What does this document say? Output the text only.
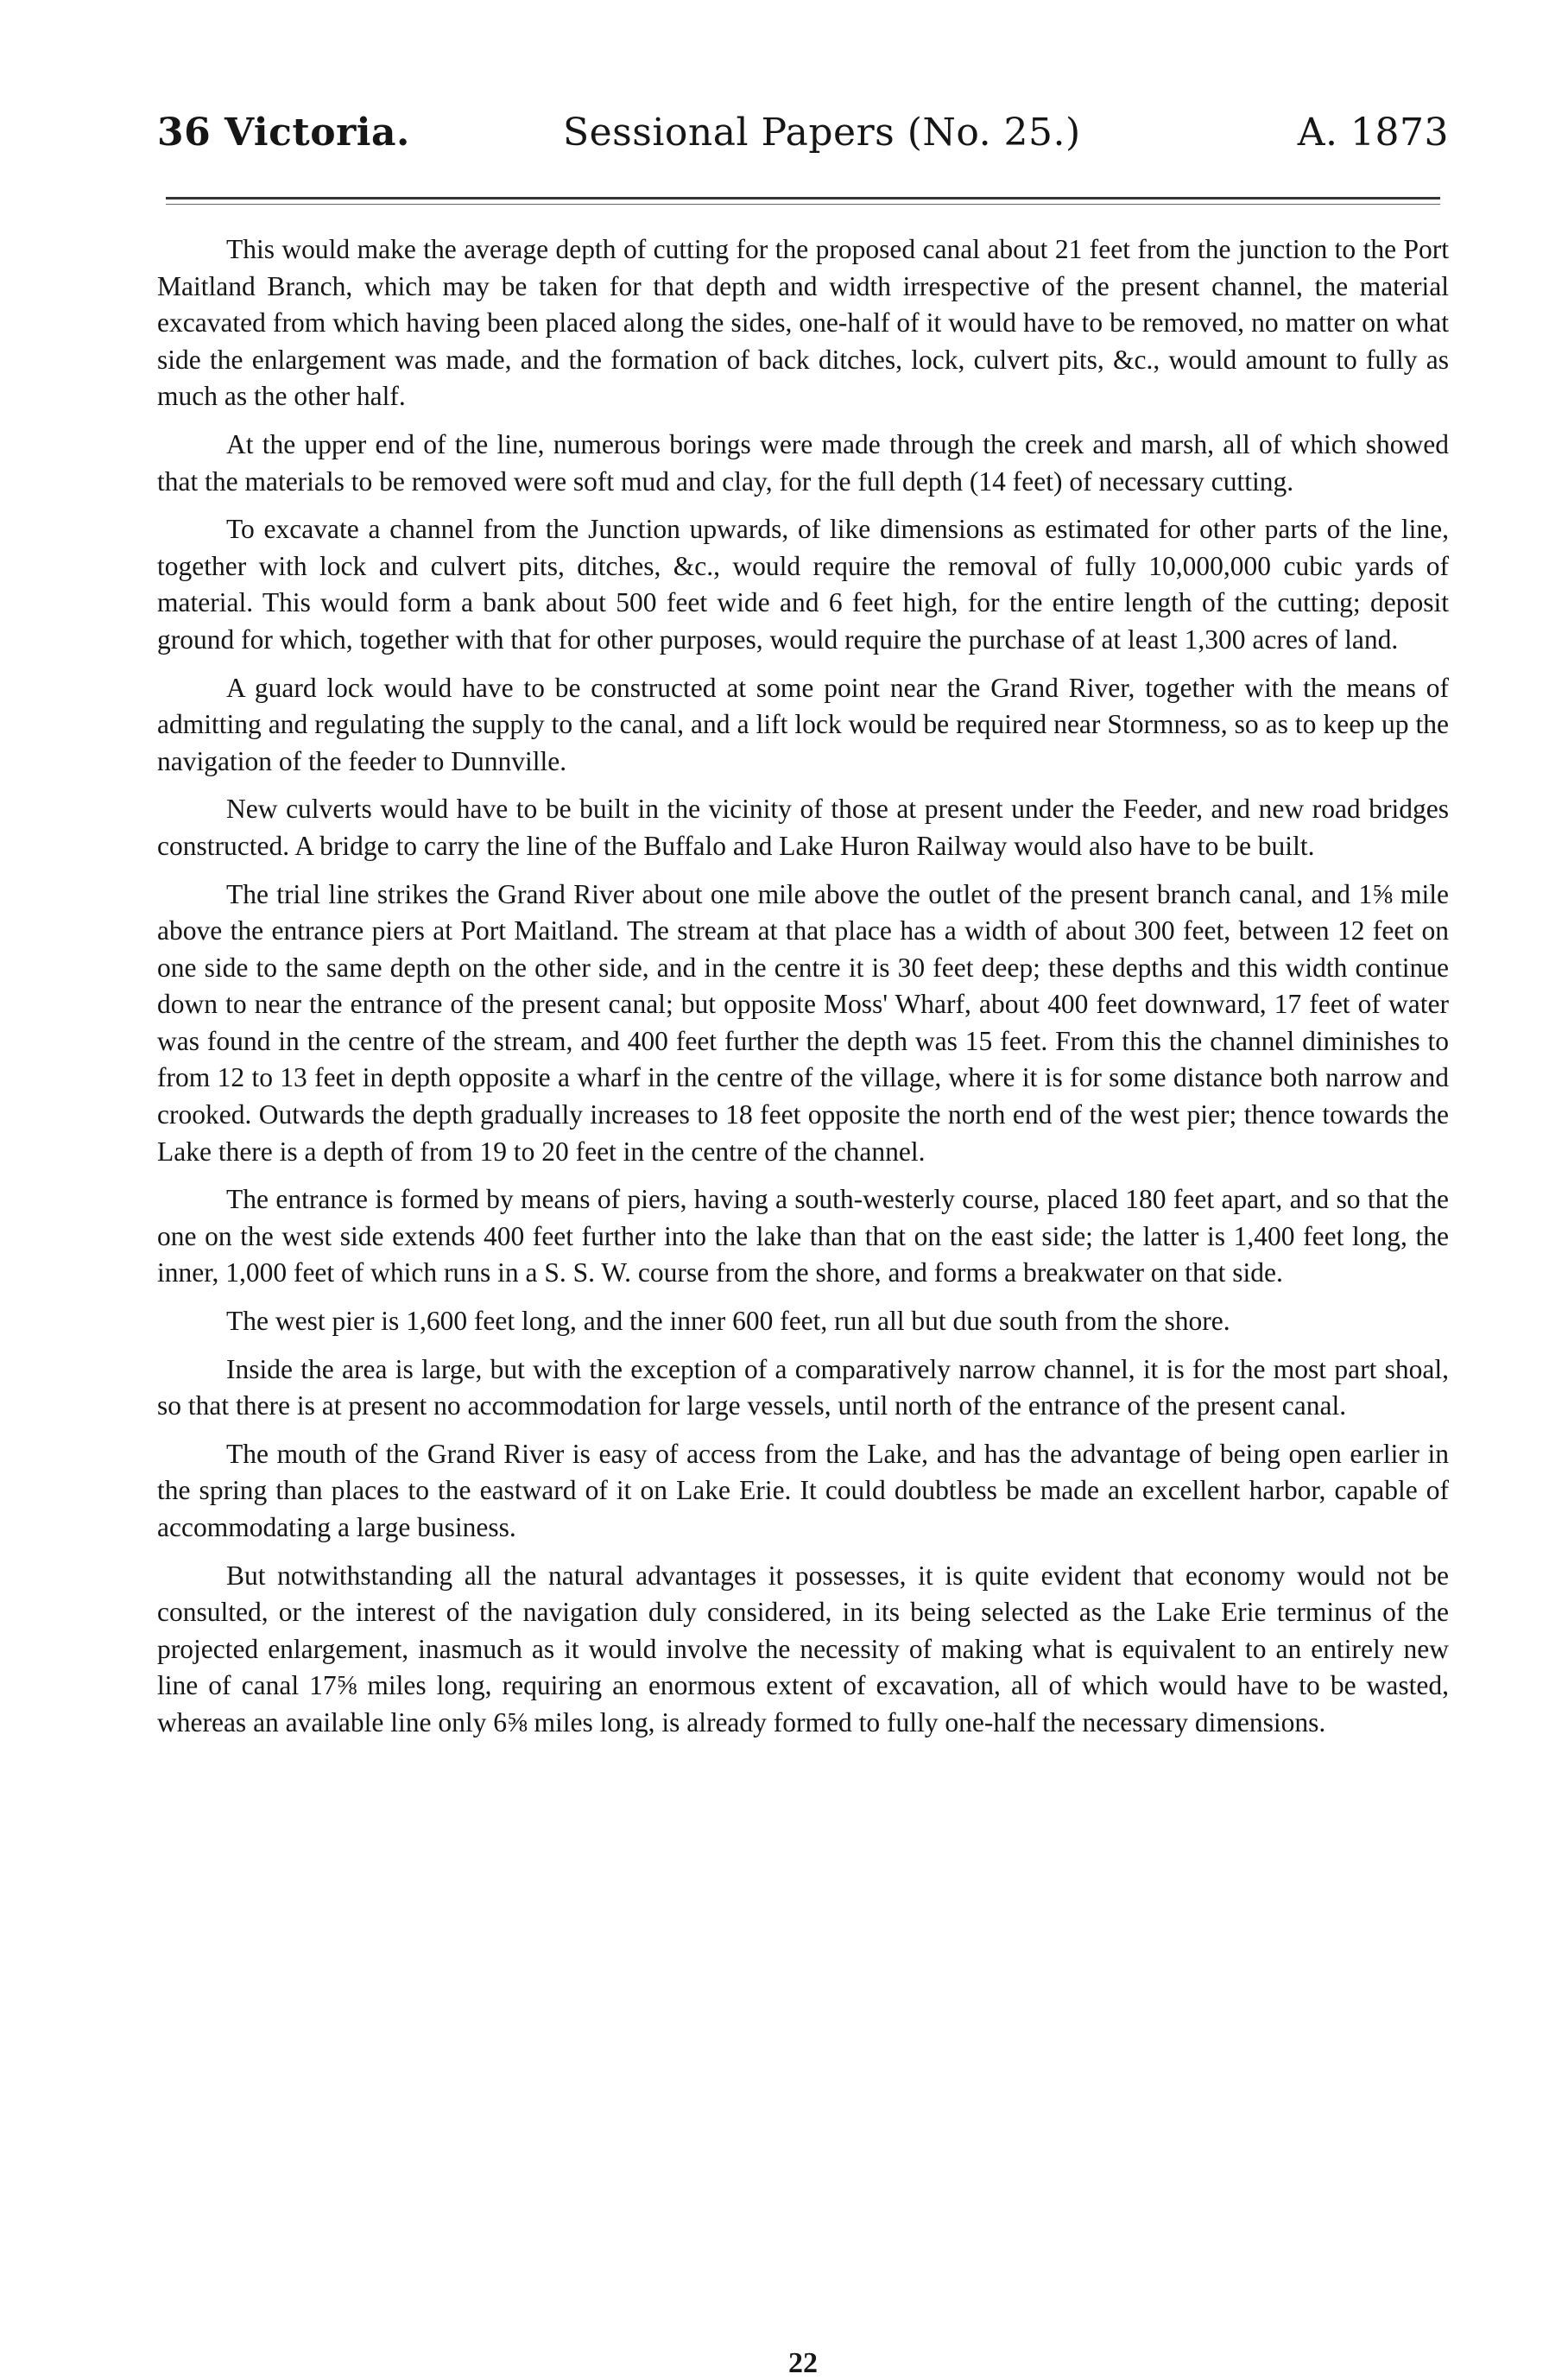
36 Victoria.	Sessional Papers (No. 25.)	A. 1873

This would make the average depth of cutting for the proposed canal about 21 feet from the junction to the Port Maitland Branch, which may be taken for that depth and width irrespective of the present channel, the material excavated from which having been placed along the sides, one-half of it would have to be removed, no matter on what side the enlargement was made, and the formation of back ditches, lock, culvert pits, &c., would amount to fully as much as the other half.

At the upper end of the line, numerous borings were made through the creek and marsh, all of which showed that the materials to be removed were soft mud and clay, for the full depth (14 feet) of necessary cutting.

To excavate a channel from the Junction upwards, of like dimensions as estimated for other parts of the line, together with lock and culvert pits, ditches, &c., would require the removal of fully 10,000,000 cubic yards of material. This would form a bank about 500 feet wide and 6 feet high, for the entire length of the cutting; deposit ground for which, together with that for other purposes, would require the purchase of at least 1,300 acres of land.

A guard lock would have to be constructed at some point near the Grand River, together with the means of admitting and regulating the supply to the canal, and a lift lock would be required near Stormness, so as to keep up the navigation of the feeder to Dunnville.

New culverts would have to be built in the vicinity of those at present under the Feeder, and new road bridges constructed. A bridge to carry the line of the Buffalo and Lake Huron Railway would also have to be built.

The trial line strikes the Grand River about one mile above the outlet of the present branch canal, and 1⅝ mile above the entrance piers at Port Maitland. The stream at that place has a width of about 300 feet, between 12 feet on one side to the same depth on the other side, and in the centre it is 30 feet deep; these depths and this width continue down to near the entrance of the present canal; but opposite Moss' Wharf, about 400 feet downward, 17 feet of water was found in the centre of the stream, and 400 feet further the depth was 15 feet. From this the channel diminishes to from 12 to 13 feet in depth opposite a wharf in the centre of the village, where it is for some distance both narrow and crooked. Outwards the depth gradually increases to 18 feet opposite the north end of the west pier; thence towards the Lake there is a depth of from 19 to 20 feet in the centre of the channel.

The entrance is formed by means of piers, having a south-westerly course, placed 180 feet apart, and so that the one on the west side extends 400 feet further into the lake than that on the east side; the latter is 1,400 feet long, the inner, 1,000 feet of which runs in a S. S. W. course from the shore, and forms a breakwater on that side.

The west pier is 1,600 feet long, and the inner 600 feet, run all but due south from the shore.

Inside the area is large, but with the exception of a comparatively narrow channel, it is for the most part shoal, so that there is at present no accommodation for large vessels, until north of the entrance of the present canal.

The mouth of the Grand River is easy of access from the Lake, and has the advantage of being open earlier in the spring than places to the eastward of it on Lake Erie. It could doubtless be made an excellent harbor, capable of accommodating a large business.

But notwithstanding all the natural advantages it possesses, it is quite evident that economy would not be consulted, or the interest of the navigation duly considered, in its being selected as the Lake Erie terminus of the projected enlargement, inasmuch as it would involve the necessity of making what is equivalent to an entirely new line of canal 17⅝ miles long, requiring an enormous extent of excavation, all of which would have to be wasted, whereas an available line only 6⅝ miles long, is already formed to fully one-half the necessary dimensions.

22
